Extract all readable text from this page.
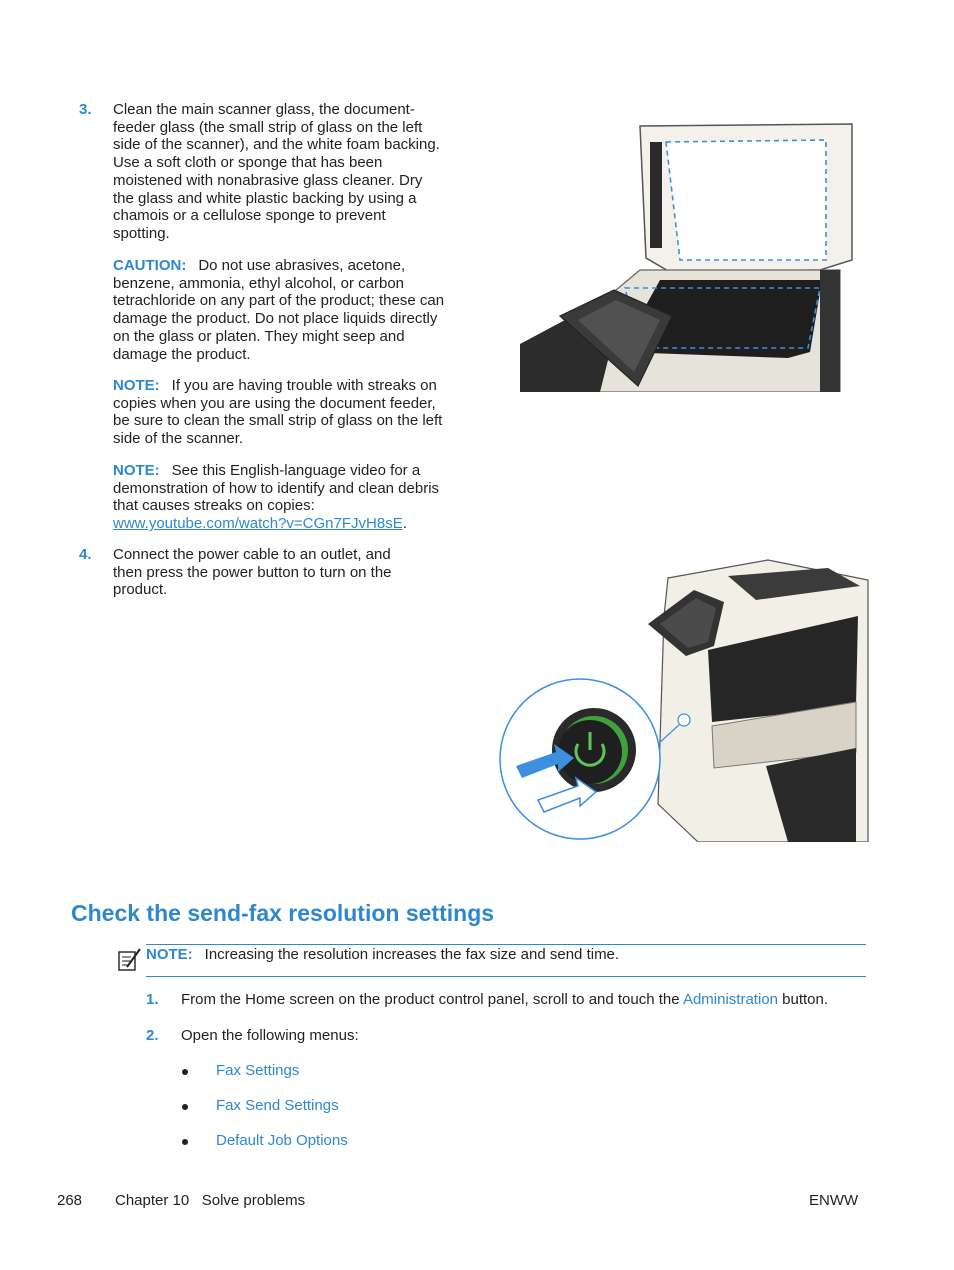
3. Clean the main scanner glass, the document-feeder glass (the small strip of glass on the left side of the scanner), and the white foam backing. Use a soft cloth or sponge that has been moistened with nonabrasive glass cleaner. Dry the glass and white plastic backing by using a chamois or a cellulose sponge to prevent spotting.

CAUTION: Do not use abrasives, acetone, benzene, ammonia, ethyl alcohol, or carbon tetrachloride on any part of the product; these can damage the product. Do not place liquids directly on the glass or platen. They might seep and damage the product.

NOTE: If you are having trouble with streaks on copies when you are using the document feeder, be sure to clean the small strip of glass on the left side of the scanner.

NOTE: See this English-language video for a demonstration of how to identify and clean debris that causes streaks on copies: www.youtube.com/watch?v=CGn7FJvH8sE.

4. Connect the power cable to an outlet, and then press the power button to turn on the product.

Check the send-fax resolution settings
NOTE: Increasing the resolution increases the fax size and send time.
1. From the Home screen on the product control panel, scroll to and touch the Administration button.
2. Open the following menus:
Fax Settings
Fax Send Settings
Default Job Options
268 Chapter 10   Solve problems	ENWW
